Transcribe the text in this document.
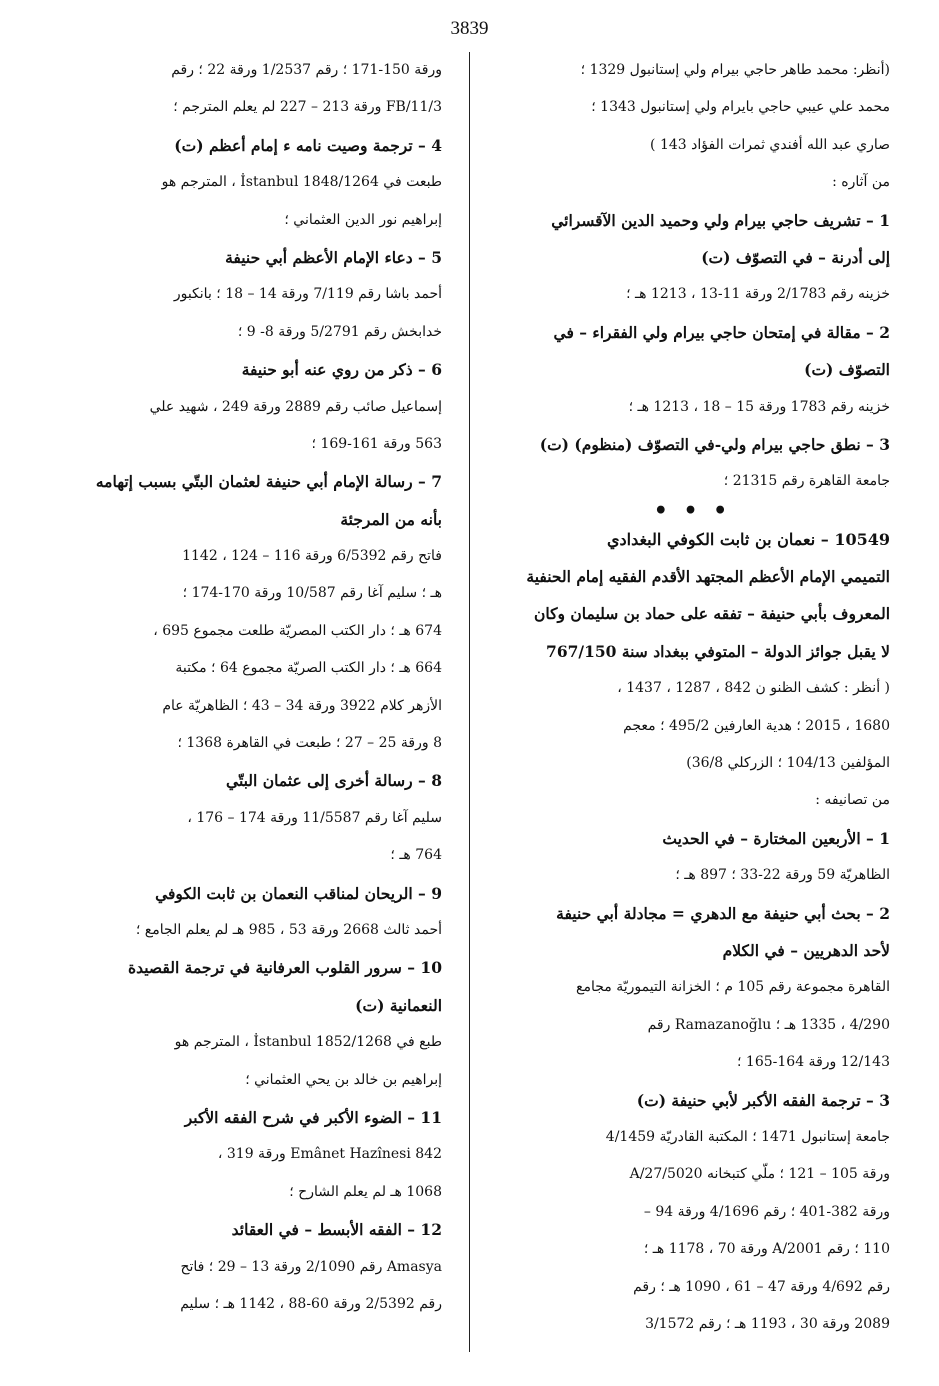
3839
(أنظر: محمد طاهر حاجي بيرام ولي إستانبول 1329 ؛
محمد علي عيبي حاجي بايرام ولي إستانبول 1343 ؛
صاري عبد الله أفندي ثمرات الفؤاد 143 )
من آثاره :
1 – تشريف حاجي بيرام ولي وحميد الدين الآقسرائي
إلى أدرنة – في التصوّف (ت)
خزينه رقم 2/1783 ورقة 11-13 ، 1213 هـ ؛
2 – مقالة في إمتحان حاجي بيرام ولي الفقراء – في
التصوّف (ت)
خزينه رقم 1783 ورقة 15 – 18 ، 1213 هـ ؛
3 – نطق حاجي بيرام ولي-في التصوّف (منظوم) (ت)
جامعة القاهرة رقم 21315 ؛
• • •
10549 – نعمان بن ثابت الكوفي البغدادي
التميمي الإمام الأعظم المجتهد الأقدم الفقيه إمام الحنفية
المعروف بأبي حنيفة – تفقه على حماد بن سليمان وكان
لا يقبل جوائز الدولة – المتوفي ببغداد سنة 767/150
( أنظر : كشف الظنو ن 842 ، 1287 ، 1437 ،
1680 ، 2015 ؛ هدية العارفين 495/2 ؛ معجم
المؤلفين 104/13 ؛ الزركلي 36/8)
من تصانيفه :
1 – الأربعين المختارة – في الحديث
الظاهريّة 59 ورقة 22-33 ؛ 897 هـ ؛
2 – بحث أبي حنيفة مع الدهري = مجادلة أبي حنيفة
لأحد الدهريين – في الكلام
القاهرة مجموعة رقم 105 م ؛ الخزانة التيموريّة مجامع
4/290 ، 1335 هـ ؛ Ramazanoğlu رقم
12/143 ورقة 164-165 ؛
3 – ترجمة الفقه الأكبر لأبي حنيفة (ت)
جامعة إستانبول 1471 ؛ المكتبة القادريّة 4/1459
ورقة 105 – 121 ؛ ملّي كتبخانه 27/5020/A
ورقة 382-401 ؛ رقم 4/1696 ورقة 94 –
110 ؛ رقم 2001/A ورقة 70 ، 1178 هـ ؛
رقم 4/692 ورقة 47 – 61 ، 1090 هـ ؛ رقم
2089 ورقة 30 ، 1193 هـ ؛ رقم 3/1572
ورقة 150-171 ؛ رقم 1/2537 ورقة 22 ؛ رقم
11/3/FB ورقة 213 – 227 لم يعلم المترجم ؛
4 – ترجمة وصيت نامه ء إمام أعظم (ت)
طبعت في İstanbul 1848/1264 ، المترجم هو
إبراهيم نور الدين العثماني ؛
5 – دعاء الإمام الأعظم أبي حنيفة
أحمد باشا رقم 7/119 ورقة 14 – 18 ؛ بانكبور
خدابخش رقم 5/2791 ورقة 8- 9 ؛
6 – ذكر من روي عنه أبو حنيفة
إسماعيل صائب رقم 2889 ورقة 249 ، شهيد علي
563 ورقة 161-169 ؛
7 – رسالة الإمام أبي حنيفة لعثمان البتّي بسبب إتهامه
بأنه من المرجئة
فاتح رقم 6/5392 ورقة 116 – 124 ، 1142
هـ ؛ سليم آغا رقم 10/587 ورقة 170-174 ؛
674 هـ ؛ دار الكتب المصريّة طلعت مجموع 695 ،
664 هـ ؛ دار الكتب الصريّة مجموع 64 ؛ مكتبة
الأزهر كلام 3922 ورقة 34 – 43 ؛ الظاهريّة عام
8 ورقة 25 – 27 ؛ طبعت في القاهرة 1368 ؛
8 – رسالة أخرى إلى عثمان البتّي
سليم آغا رقم 11/5587 ورقة 174 – 176 ،
764 هـ ؛
9 – الريحان لمناقب النعمان بن ثابت الكوفي
أحمد ثالث 2668 ورقة 53 ، 985 هـ لم يعلم الجامع ؛
10 – سرور القلوب العرفانية في ترجمة القصيدة
النعمانية (ت)
طبع في İstanbul 1852/1268 ، المترجم هو
إبراهيم بن خالد بن يحي العثماني ؛
11 – الضوء الأكبر في شرح الفقه الأكبر
Emânet Hazînesi 842 ورقة 319 ،
1068 هـ لم يعلم الشارح ؛
12 – الفقه الأبسط – في العقائد
Amasya رقم 2/1090 ورقة 13 – 29 ؛ فاتح
رقم 2/5392 ورقة 60-88 ، 1142 هـ ؛ سليم
